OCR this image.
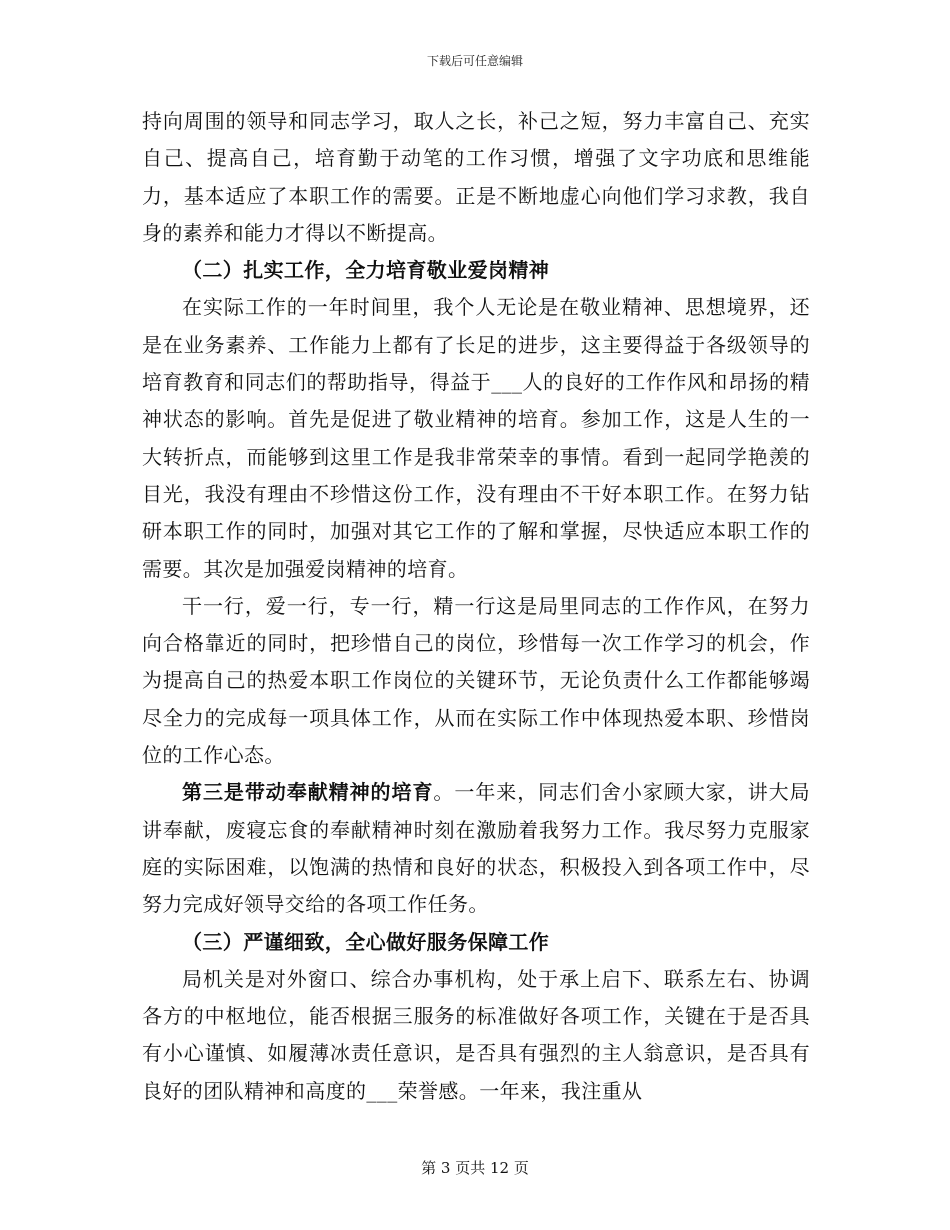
下载后可任意编辑

持向周围的领导和同志学习，取人之长，补己之短，努力丰富自己、充实自己、提高自己，培育勤于动笔的工作习惯，增强了文字功底和思维能力，基本适应了本职工作的需要。正是不断地虚心向他们学习求教，我自身的素养和能力才得以不断提高。

（二）扎实工作，全力培育敬业爱岗精神

在实际工作的一年时间里，我个人无论是在敬业精神、思想境界，还是在业务素养、工作能力上都有了长足的进步，这主要得益于各级领导的培育教育和同志们的帮助指导，得益于___人的良好的工作作风和昂扬的精神状态的影响。首先是促进了敬业精神的培育。参加工作，这是人生的一大转折点，而能够到这里工作是我非常荣幸的事情。看到一起同学艳羡的目光，我没有理由不珍惜这份工作，没有理由不干好本职工作。在努力钻研本职工作的同时，加强对其它工作的了解和掌握，尽快适应本职工作的需要。其次是加强爱岗精神的培育。

干一行，爱一行，专一行，精一行这是局里同志的工作作风，在努力向合格靠近的同时，把珍惜自己的岗位，珍惜每一次工作学习的机会，作为提高自己的热爱本职工作岗位的关键环节，无论负责什么工作都能够竭尽全力的完成每一项具体工作，从而在实际工作中体现热爱本职、珍惜岗位的工作心态。

第三是带动奉献精神的培育。一年来，同志们舍小家顾大家，讲大局讲奉献，废寝忘食的奉献精神时刻在激励着我努力工作。我尽努力克服家庭的实际困难，以饱满的热情和良好的状态，积极投入到各项工作中，尽努力完成好领导交给的各项工作任务。

（三）严谨细致，全心做好服务保障工作

局机关是对外窗口、综合办事机构，处于承上启下、联系左右、协调各方的中枢地位，能否根据三服务的标准做好各项工作，关键在于是否具有小心谨慎、如履薄冰责任意识，是否具有强烈的主人翁意识，是否具有良好的团队精神和高度的___荣誉感。一年来，我注重从

第 3 页共 12 页
